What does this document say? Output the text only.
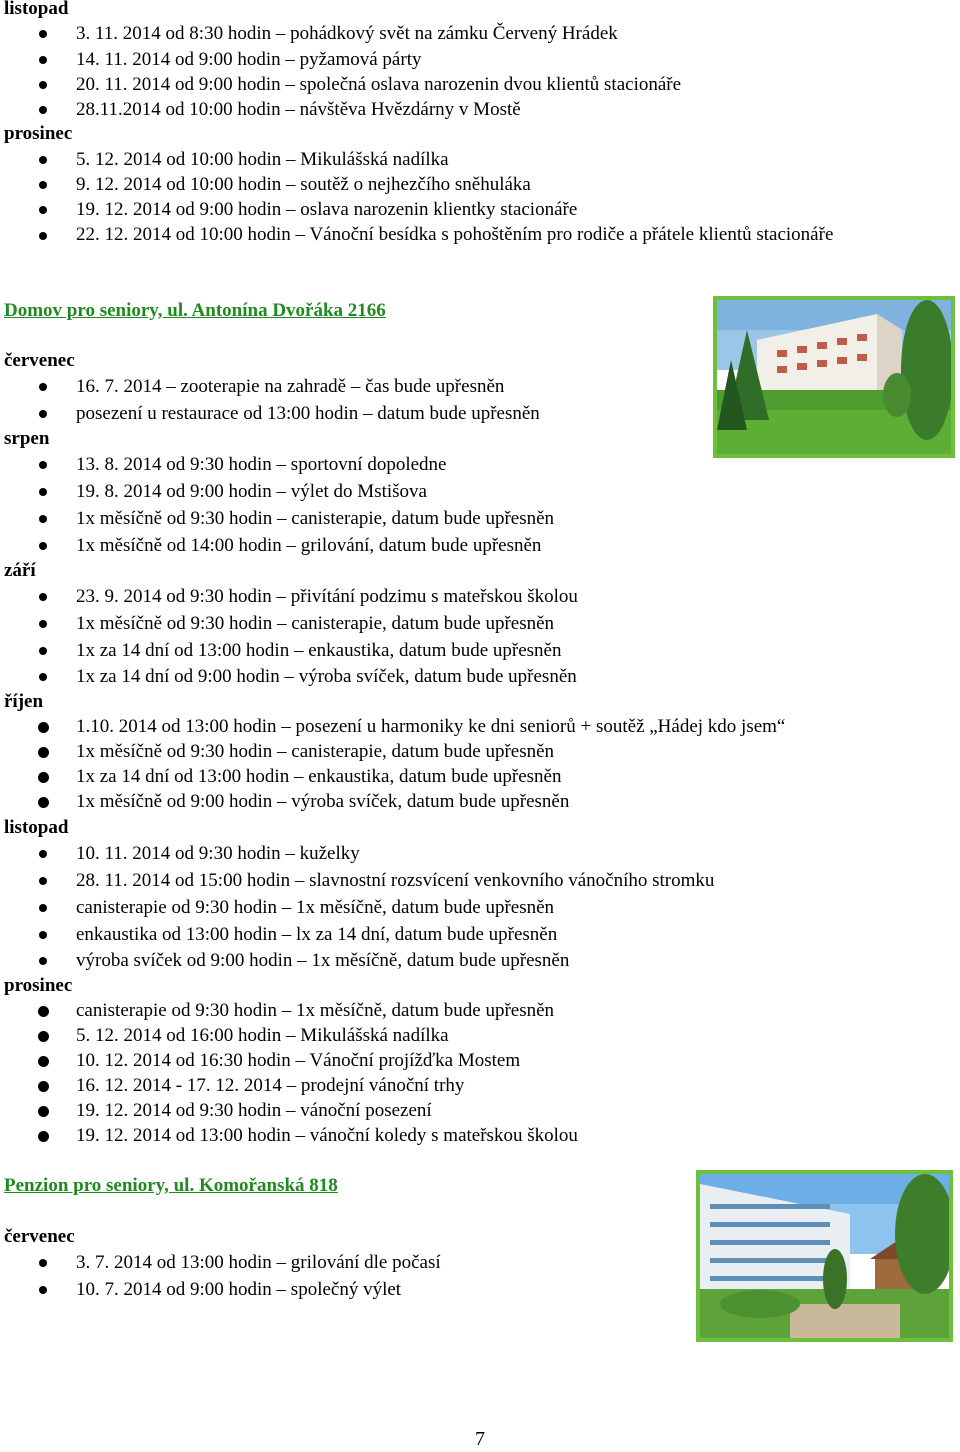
listopad
3. 11. 2014 od 8:30 hodin – pohádkový svět na zámku Červený Hrádek
14. 11. 2014 od 9:00 hodin – pyžamová párty
20. 11. 2014 od 9:00 hodin – společná oslava narozenin dvou klientů stacionáře
28.11.2014 od 10:00 hodin – návštěva Hvězdárny v Mostě
prosinec
5. 12. 2014 od 10:00 hodin – Mikulášská nadílka
9. 12. 2014 od 10:00 hodin – soutěž o nejhezčího sněhuláka
19. 12. 2014 od 9:00 hodin – oslava narozenin klientky stacionáře
22. 12. 2014 od 10:00 hodin – Vánoční besídka s pohoštěním pro rodiče a přátele klientů stacionáře
Domov pro seniory, ul. Antonína Dvořáka 2166
červenec
16. 7. 2014 – zooterapie na zahradě – čas bude upřesněn
posezení u restaurace od 13:00 hodin – datum bude upřesněn
srpen
13. 8. 2014 od 9:30 hodin – sportovní dopoledne
19. 8. 2014 od 9:00 hodin – výlet do Mstišova
1x měsíčně od 9:30 hodin – canisterapie, datum bude upřesněn
1x měsíčně od 14:00 hodin – grilování, datum bude upřesněn
září
23. 9. 2014 od 9:30 hodin – přivítání podzimu s mateřskou školou
1x měsíčně od 9:30 hodin – canisterapie, datum bude upřesněn
1x za 14 dní od 13:00 hodin – enkaustika, datum bude upřesněn
1x za 14 dní od 9:00 hodin – výroba svíček, datum bude upřesněn
říjen
1.10. 2014 od 13:00 hodin – posezení u harmoniky ke dni seniorů + soutěž „Hádej kdo jsem“
1x měsíčně od 9:30 hodin – canisterapie, datum bude upřesněn
1x za 14 dní od 13:00 hodin – enkaustika, datum bude upřesněn
1x měsíčně od 9:00 hodin – výroba svíček, datum bude upřesněn
listopad
10. 11. 2014 od 9:30 hodin – kuželky
28. 11. 2014 od 15:00 hodin – slavnostní rozsvícení venkovního vánočního stromku
canisterapie od 9:30 hodin – 1x měsíčně, datum bude upřesněn
enkaustika od 13:00 hodin – lx za 14 dní, datum bude upřesněn
výroba svíček od 9:00 hodin – 1x měsíčně, datum bude upřesněn
prosinec
canisterapie od 9:30 hodin – 1x měsíčně, datum bude upřesněn
5. 12. 2014 od 16:00 hodin – Mikulášská nadílka
10. 12. 2014 od 16:30 hodin – Vánoční projížďka Mostem
16. 12. 2014 - 17. 12. 2014 – prodejní vánoční trhy
19. 12. 2014 od 9:30 hodin – vánoční posezení
19. 12. 2014 od 13:00 hodin – vánoční koledy s mateřskou školou
Penzion pro seniory, ul. Komořanská 818
červenec
3. 7. 2014 od 13:00 hodin – grilování dle počasí
10. 7. 2014 od 9:00 hodin – společný výlet
7
